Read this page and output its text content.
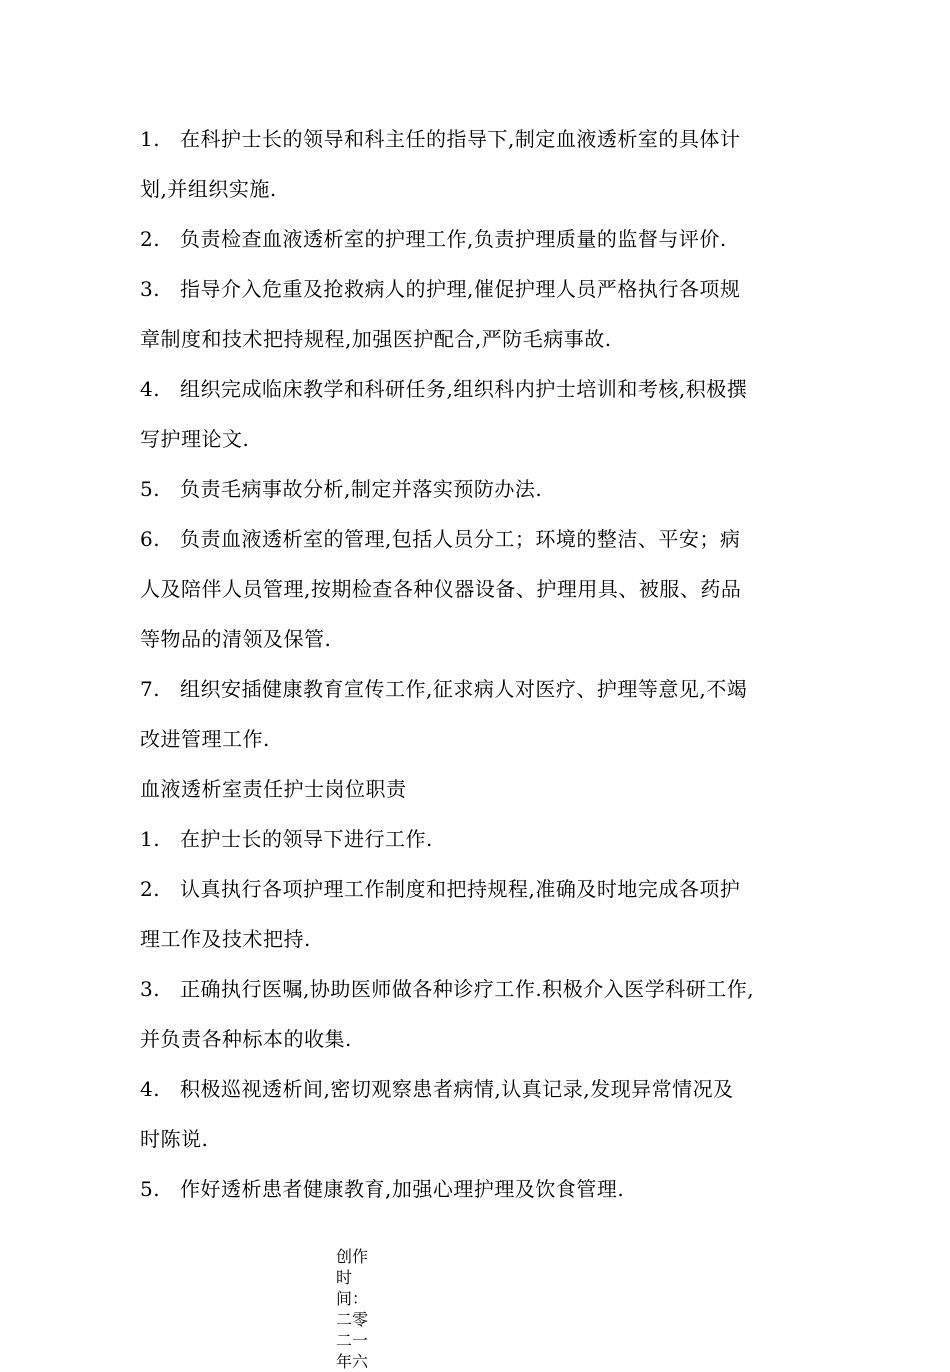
1. 在科护士长的领导和科主任的指导下,制定血液透析室的具体计
划,并组织实施.
2. 负责检查血液透析室的护理工作,负责护理质量的监督与评价.
3. 指导介入危重及抢救病人的护理,催促护理人员严格执行各项规
章制度和技术把持规程,加强医护配合,严防毛病事故.
4. 组织完成临床教学和科研任务,组织科内护士培训和考核,积极撰
写护理论文.
5. 负责毛病事故分析,制定并落实预防办法.
6. 负责血液透析室的管理,包括人员分工；环境的整洁、平安；病
人及陪伴人员管理,按期检查各种仪器设备、护理用具、被服、药品
等物品的清领及保管.
7. 组织安插健康教育宣传工作,征求病人对医疗、护理等意见,不竭
改进管理工作.
血液透析室责任护士岗位职责
1. 在护士长的领导下进行工作.
2. 认真执行各项护理工作制度和把持规程,准确及时地完成各项护
理工作及技术把持.
3. 正确执行医嘱,协助医师做各种诊疗工作.积极介入医学科研工作,
并负责各种标本的收集.
4. 积极巡视透析间,密切观察患者病情,认真记录,发现异常情况及
时陈说.
5. 作好透析患者健康教育,加强心理护理及饮食管理.
创作时间：二零二一年六
